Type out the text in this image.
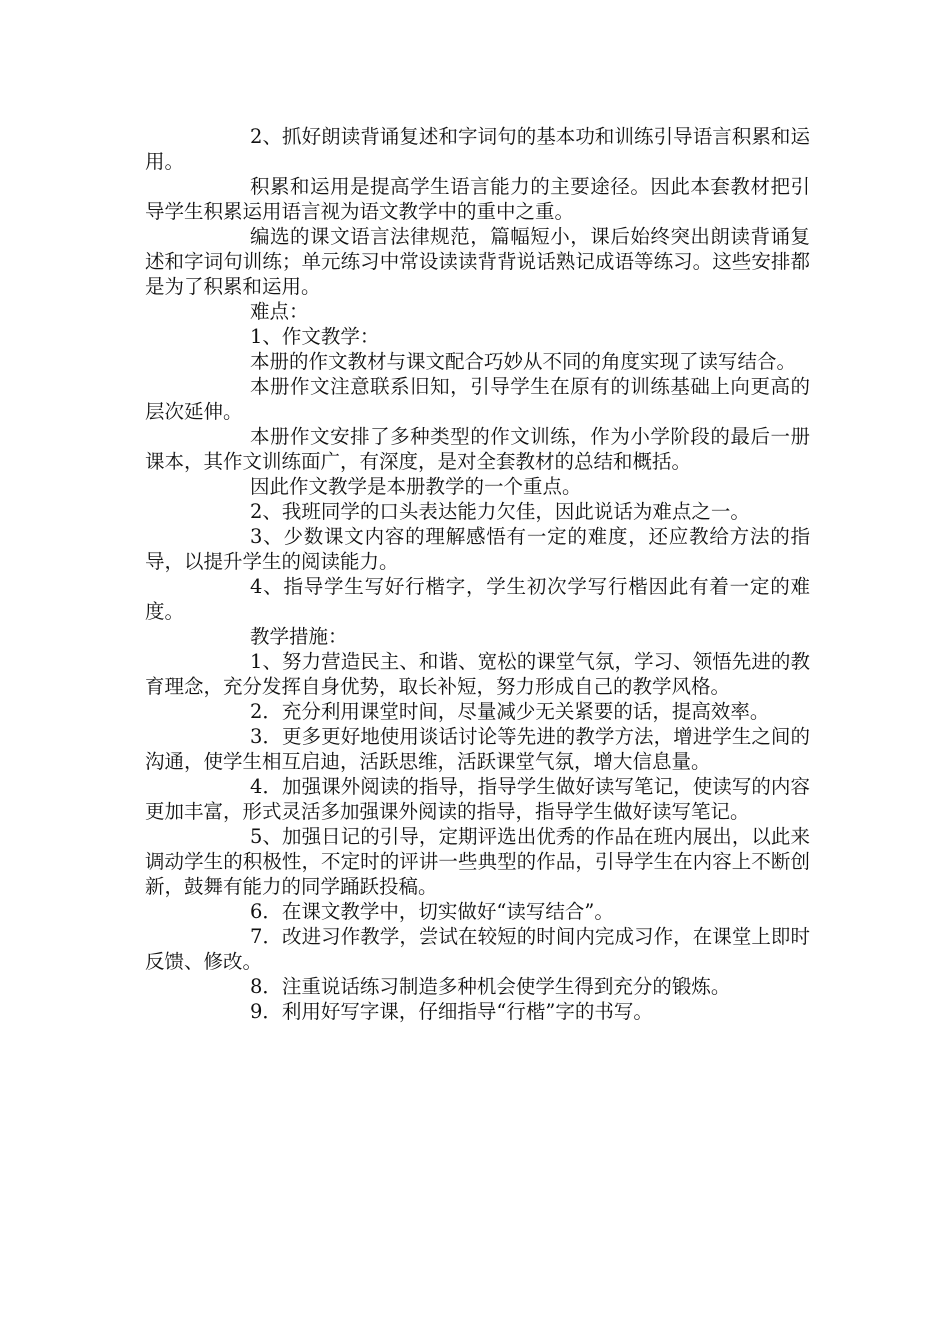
2、抓好朗读背诵复述和字词句的基本功和训练引导语言积累和运用。

积累和运用是提高学生语言能力的主要途径。因此本套教材把引导学生积累运用语言视为语文教学中的重中之重。

编选的课文语言法律规范，篇幅短小，课后始终突出朗读背诵复述和字词句训练；单元练习中常设读读背背说话熟记成语等练习。这些安排都是为了积累和运用。

难点：

1、作文教学：

本册的作文教材与课文配合巧妙从不同的角度实现了读写结合。

本册作文注意联系旧知，引导学生在原有的训练基础上向更高的层次延伸。

本册作文安排了多种类型的作文训练，作为小学阶段的最后一册课本，其作文训练面广，有深度，是对全套教材的总结和概括。

因此作文教学是本册教学的一个重点。

2、我班同学的口头表达能力欠佳，因此说话为难点之一。

3、少数课文内容的理解感悟有一定的难度，还应教给方法的指导，以提升学生的阅读能力。

4、指导学生写好行楷字，学生初次学写行楷因此有着一定的难度。

教学措施：

1、努力营造民主、和谐、宽松的课堂气氛，学习、领悟先进的教育理念，充分发挥自身优势，取长补短，努力形成自己的教学风格。

2．充分利用课堂时间，尽量减少无关紧要的话，提高效率。

3．更多更好地使用谈话讨论等先进的教学方法，增进学生之间的沟通，使学生相互启迪，活跃思维，活跃课堂气氛，增大信息量。

4．加强课外阅读的指导，指导学生做好读写笔记，使读写的内容更加丰富，形式灵活多加强课外阅读的指导，指导学生做好读写笔记。

5、加强日记的引导，定期评选出优秀的作品在班内展出，以此来调动学生的积极性，不定时的评讲一些典型的作品，引导学生在内容上不断创新，鼓舞有能力的同学踊跃投稿。

6．在课文教学中，切实做好“读写结合”。

7．改进习作教学，尝试在较短的时间内完成习作，在课堂上即时反馈、修改。

8．注重说话练习制造多种机会使学生得到充分的锻炼。

9．利用好写字课，仔细指导“行楷”字的书写。
